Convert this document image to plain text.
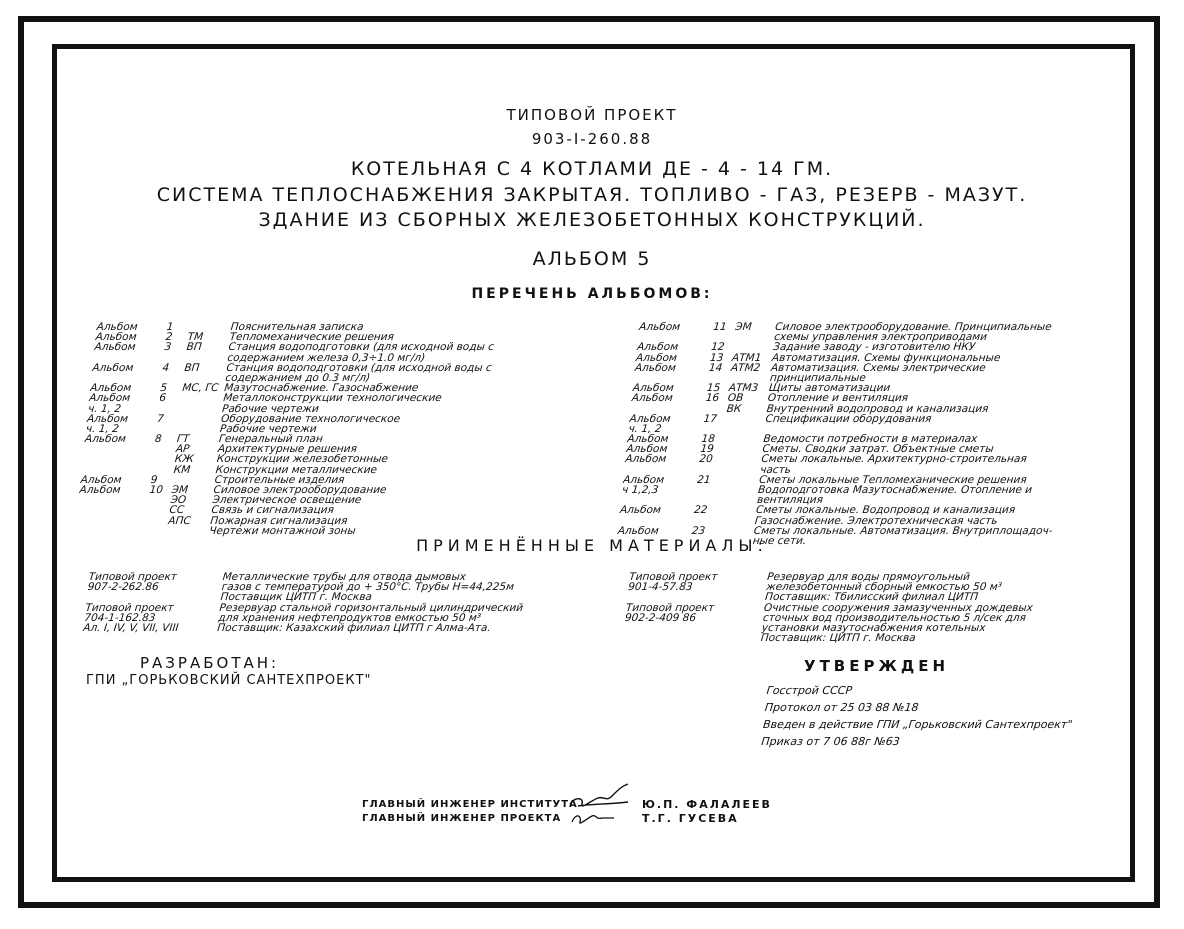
ТИПОВОЙ ПРОЕКТ
903-I-260.88
КОТЕЛЬНАЯ С 4 КОТЛАМИ ДЕ - 4 - 14 ГМ.
СИСТЕМА ТЕПЛОСНАБЖЕНИЯ ЗАКРЫТАЯ. ТОПЛИВО - ГАЗ, РЕЗЕРВ - МАЗУТ.
ЗДАНИЕ ИЗ СБОРНЫХ ЖЕЛЕЗОБЕТОННЫХ КОНСТРУКЦИЙ.
АЛЬБОМ 5
ПЕРЕЧЕНЬ АЛЬБОМОВ:
Альбом	1	Пояснительная записка
Альбом	2 ТМ Тепломеханические решения
Альбом	3 ВП Станция водоподготовки (для исходной воды с
содержанием железа 0,3÷1.0 мг/л)
Альбом	4 ВП Станция водоподготовки (для исходной воды с
содержанием до 0.3 мг/л)
Альбом	5 МС, ГС Мазутоснабжение. Газоснабжение
Альбом	6	Металлоконструкции технологические
ч. 1, 2	Рабочие чертежи
Альбом	7	Оборудование технологическое
ч. 1, 2	Рабочие чертежи
Альбом	8 ГТ	Генеральный план
АР	Архитектурные решения
КЖ Конструкции железобетонные
КМ Конструкции металлические
Альбом	9	Строительные изделия
Альбом	10 ЭМ Силовое электрооборудование
ЭО Электрическое освещение
СС Связь и сигнализация
АПС Пожарная сигнализация
Чертежи монтажной зоны
Альбом	11 ЭМ Силовое электрооборудование. Принципиальные
схемы управления электроприводами
Альбом	12	Задание заводу - изготовителю НКУ
Альбом	13 АТМ1 Автоматизация. Схемы функциональные
Альбом	14 АТМ2 Автоматизация. Схемы электрические
принципиальные
Альбом	15 АТМ3 Щиты автоматизации
Альбом	16 ОВ Отопление и вентиляция
ВК Внутренний водопровод и канализация
Альбом	17	Спецификации оборудования
ч. 1, 2
Альбом	18	Ведомости потребности в материалах
Альбом	19	Сметы. Сводки затрат. Объектные сметы
Альбом	20	Сметы локальные. Архитектурно-строительная
часть
Альбом	21	Сметы локальные Тепломеханические решения
ч 1,2,3	Водоподготовка Мазутоснабжение. Отопление и
вентиляция
Альбом	22	Сметы локальные. Водопровод и канализация
Газоснабжение. Электротехническая часть
Альбом	23	Сметы локальные. Автоматизация. Внутриплощадоч-
ные сети.
ПРИМЕНЁННЫЕ МАТЕРИАЛЫ:
Типовой проект	Металлические трубы для отвода дымовых
907-2-262.86	газов с температурой до + 350°С. Трубы Н=44,225м
Поставщик ЦИТП г. Москва
Типовой проект	Резервуар стальной горизонтальный цилиндрический
704-1-162.83	для хранения нефтепродуктов емкостью 50 м³
Ал. I, IV, V, VII, VIII	Поставщик: Казахский филиал ЦИТП г Алма-Ата.
Типовой проект	Резервуар для воды прямоугольный
901-4-57.83	железобетонный сборный емкостью 50 м³
Поставщик: Тбилисский филиал ЦИТП
Типовой проект	Очистные сооружения замазученных дождевых
902-2-409 86	сточных вод производительностью 5 л/сек для
установки мазутоснабжения котельных
Поставщик: ЦИТП г. Москва
РАЗРАБОТАН:
ГПИ „ГОРЬКОВСКИЙ САНТЕХПРОЕКТ"
УТВЕРЖДЕН
Госстрой СССР
Протокол от 25 03 88 №18
Введен в действие ГПИ „Горьковский Сантехпроект"
Приказ от 7 06 88г №63
ГЛАВНЫЙ ИНЖЕНЕР ИНСТИТУТА
ГЛАВНЫЙ ИНЖЕНЕР ПРОЕКТА
Ю.П. ФАЛАЛЕЕВ
Т.Г. ГУСЕВА
